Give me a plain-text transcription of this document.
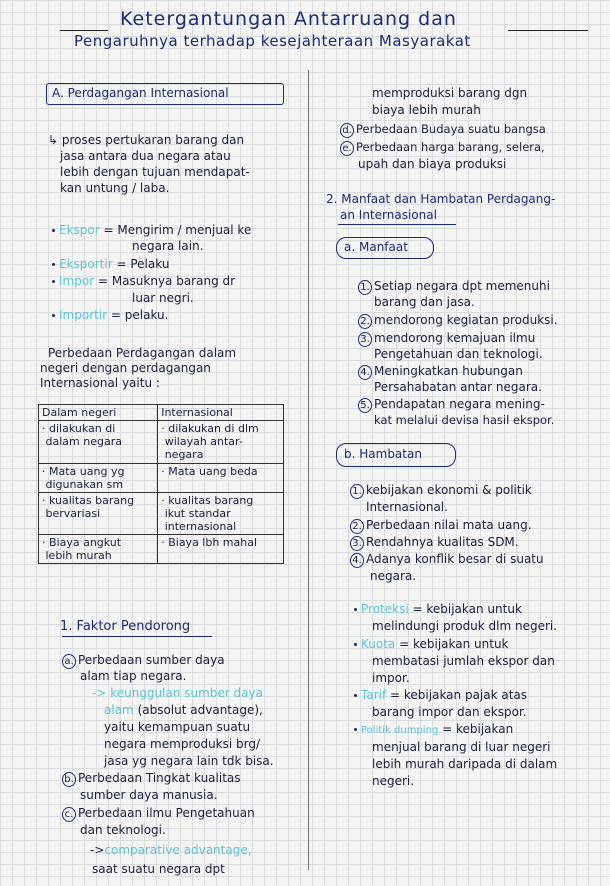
Ketergantungan Antarruang dan
Pengaruhnya terhadap kesejahteraan Masyarakat
A. Perdagangan Internasional
↳ proses pertukaran barang dan
jasa antara dua negara atau
lebih dengan tujuan mendapat-
kan untung / laba.
Ekspor = Mengirim / menjual ke
negara lain.
Eksportir = Pelaku
Impor = Masuknya barang dr
luar negri.
Importir = pelaku.
Perbedaan Perdagangan dalam
negeri dengan perdagangan
Internasional yaitu :
Dalam negeri	Internasional
· dilakukan di
dalam negara	· dilakukan di dlm
wilayah antar-
negara
· Mata uang yg
digunakan sm	· Mata uang beda
· kualitas barang
bervariasi	· kualitas barang
ikut standar
internasional
· Biaya angkut
lebih murah	· Biaya lbh mahal
1. Faktor Pendorong
a. Perbedaan sumber daya
alam tiap negara.
-> keunggulan sumber daya
alam (absolut advantage),
yaitu kemampuan suatu
negara memproduksi brg/
jasa yg negara lain tdk bisa.
b. Perbedaan Tingkat kualitas
sumber daya manusia.
c. Perbedaan ilmu Pengetahuan
dan teknologi.
->comparative advantage,
saat suatu negara dpt
memproduksi barang dgn
biaya lebih murah
d. Perbedaan Budaya suatu bangsa
e. Perbedaan harga barang, selera,
upah dan biaya produksi
2. Manfaat dan Hambatan Perdagang-
an Internasional
a. Manfaat
1. Setiap negara dpt memenuhi
barang dan jasa.
2. mendorong kegiatan produksi.
3. mendorong kemajuan ilmu
Pengetahuan dan teknologi.
4. Meningkatkan hubungan
Persahabatan antar negara.
5. Pendapatan negara mening-
kat melalui devisa hasil ekspor.
b. Hambatan
1. kebijakan ekonomi & politik
Internasional.
2. Perbedaan nilai mata uang.
3. Rendahnya kualitas SDM.
4. Adanya konflik besar di suatu
negara.
Proteksi = kebijakan untuk
melindungi produk dlm negeri.
Kuota = kebijakan untuk
membatasi jumlah ekspor dan
impor.
Tarif = kebijakan pajak atas
barang impor dan ekspor.
Politik dumping = kebijakan
menjual barang di luar negeri
lebih murah daripada di dalam
negeri.
